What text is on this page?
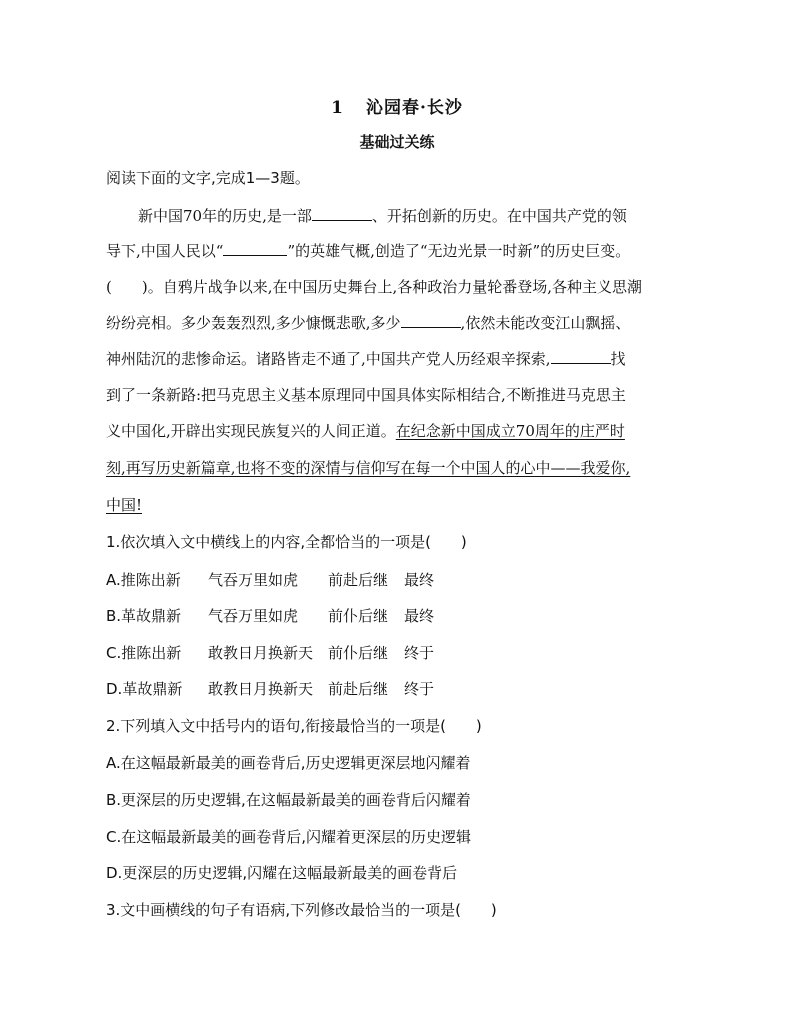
1 沁园春·长沙
基础过关练
阅读下面的文字,完成1—3题。
新中国70年的历史,是一部	、开拓创新的历史。在中国共产党的领
导下,中国人民以“	”的英雄气概,创造了“无边光景一时新”的历史巨变。
(　　)。自鸦片战争以来,在中国历史舞台上,各种政治力量轮番登场,各种主义思潮
纷纷亮相。多少轰轰烈烈,多少慷慨悲歌,多少	,依然未能改变江山飘摇、
神州陆沉的悲惨命运。诸路皆走不通了,中国共产党人历经艰辛探索,	找
到了一条新路:把马克思主义基本原理同中国具体实际相结合,不断推进马克思主
义中国化,开辟出实现民族复兴的人间正道。在纪念新中国成立70周年的庄严时
刻,再写历史新篇章,也将不变的深情与信仰写在每一个中国人的心中——我爱你,
中国!
1.依次填入文中横线上的内容,全都恰当的一项是(　　)
A.推陈出新 气吞万里如虎 前赴后继 最终
B.革故鼎新 气吞万里如虎 前仆后继 最终
C.推陈出新 敢教日月换新天 前仆后继 终于
D.革故鼎新 敢教日月换新天 前赴后继 终于
2.下列填入文中括号内的语句,衔接最恰当的一项是(　　)
A.在这幅最新最美的画卷背后,历史逻辑更深层地闪耀着
B.更深层的历史逻辑,在这幅最新最美的画卷背后闪耀着
C.在这幅最新最美的画卷背后,闪耀着更深层的历史逻辑
D.更深层的历史逻辑,闪耀在这幅最新最美的画卷背后
3.文中画横线的句子有语病,下列修改最恰当的一项是(　　)
